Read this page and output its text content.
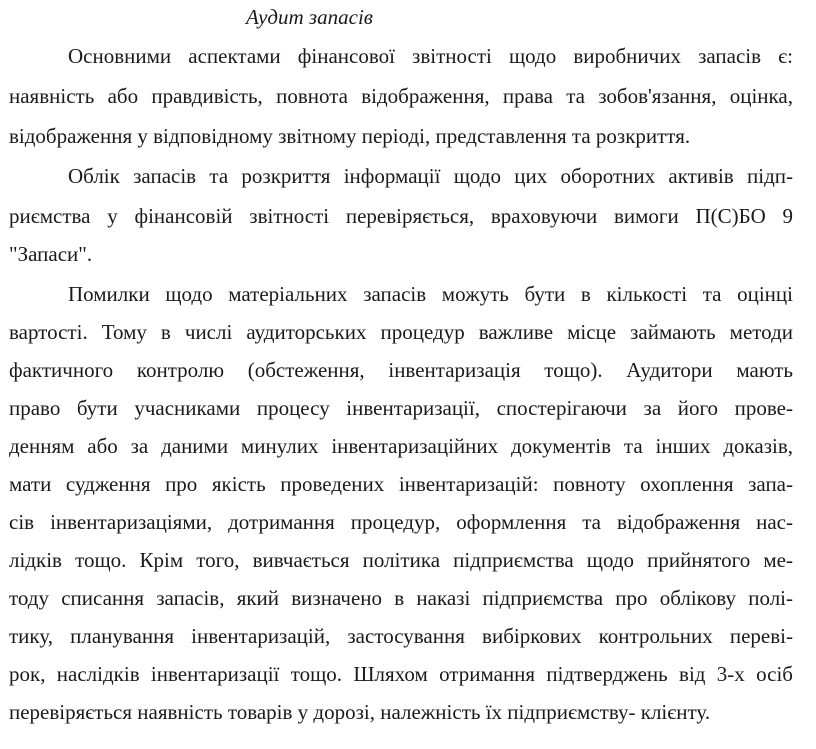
Аудит запасів
Основними аспектами фінансової звітності щодо виробничих запасів є:
наявність або правдивість, повнота відображення, права та зобов'язання, оцінка,
відображення у відповідному звітному періоді, представлення та розкриття.
Облік запасів та розкриття інформації щодо цих оборотних активів підп-
риємства у фінансовій звітності перевіряється, враховуючи вимоги П(С)БО 9
"Запаси".
Помилки щодо матеріальних запасів можуть бути в кількості та оцінці
вартості. Тому в числі аудиторських процедур важливе місце займають методи
фактичного контролю (обстеження, інвентаризація тощо). Аудитори мають
право бути учасниками процесу інвентаризації, спостерігаючи за його прове-
денням або за даними минулих інвентаризаційних документів та інших доказів,
мати судження про якість проведених інвентаризацій: повноту охоплення запа-
сів інвентаризаціями, дотримання процедур, оформлення та відображення нас-
лідків тощо. Крім того, вивчається політика підприємства щодо прийнятого ме-
тоду списання запасів, який визначено в наказі підприємства про облікову полі-
тику, планування інвентаризацій, застосування вибіркових контрольних переві-
рок, наслідків інвентаризації тощо. Шляхом отримання підтверджень від 3-х осіб
перевіряється наявність товарів у дорозі, належність їх підприємству- клієнту.
